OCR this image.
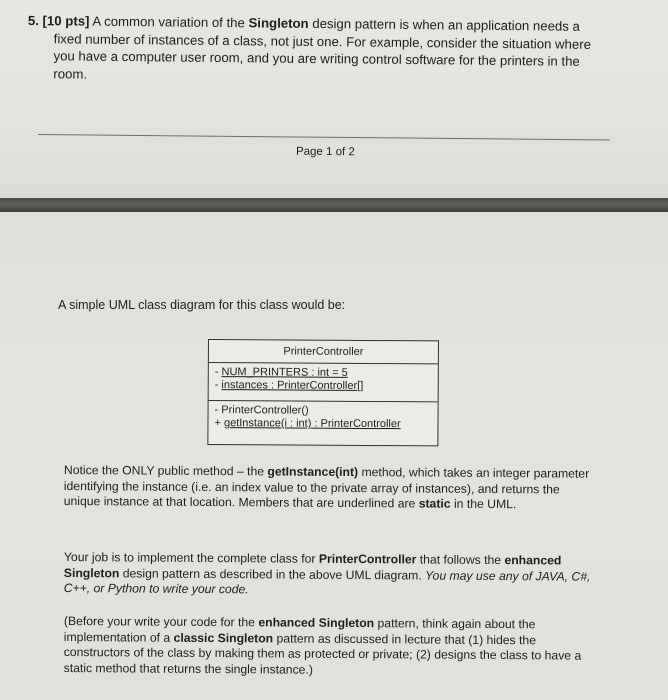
5. [10 pts] A common variation of the Singleton design pattern is when an application needs a
fixed number of instances of a class, not just one. For example, consider the situation where
you have a computer user room, and you are writing control software for the printers in the
room.
Page 1 of 2
A simple UML class diagram for this class would be:
PrinterController
- NUM_PRINTERS : int = 5
- instances : PrinterController[]
- PrinterController()
+ getInstance(i : int) : PrinterController
Notice the ONLY public method – the getInstance(int) method, which takes an integer parameter identifying the instance (i.e. an index value to the private array of instances), and returns the unique instance at that location. Members that are underlined are static in the UML.
Your job is to implement the complete class for PrinterController that follows the enhanced Singleton design pattern as described in the above UML diagram. You may use any of JAVA, C#, C++, or Python to write your code.
(Before your write your code for the enhanced Singleton pattern, think again about the implementation of a classic Singleton pattern as discussed in lecture that (1) hides the constructors of the class by making them as protected or private; (2) designs the class to have a static method that returns the single instance.)
